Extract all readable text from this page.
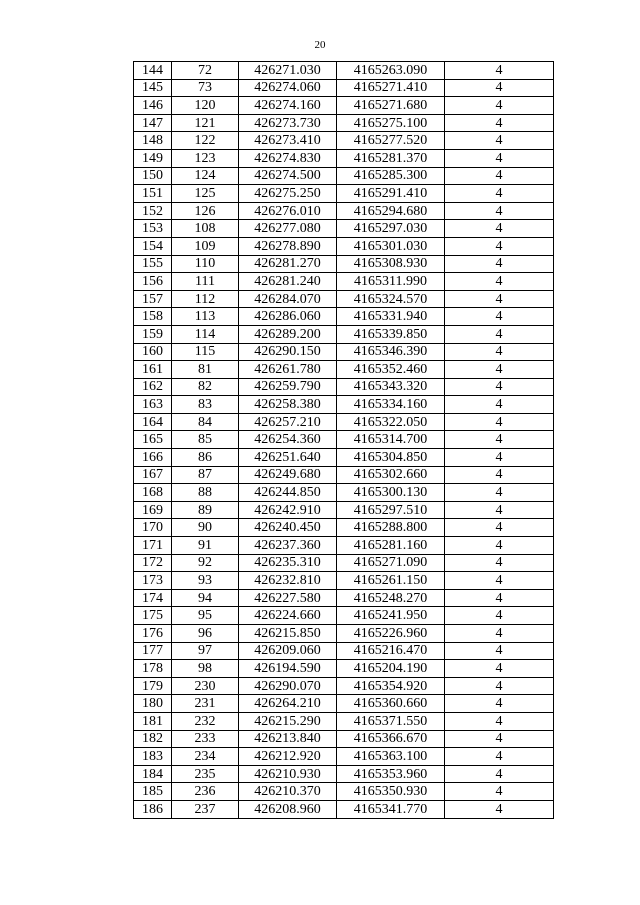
20
144	72	426271.030	4165263.090	4
145	73	426274.060	4165271.410	4
146	120	426274.160	4165271.680	4
147	121	426273.730	4165275.100	4
148	122	426273.410	4165277.520	4
149	123	426274.830	4165281.370	4
150	124	426274.500	4165285.300	4
151	125	426275.250	4165291.410	4
152	126	426276.010	4165294.680	4
153	108	426277.080	4165297.030	4
154	109	426278.890	4165301.030	4
155	110	426281.270	4165308.930	4
156	111	426281.240	4165311.990	4
157	112	426284.070	4165324.570	4
158	113	426286.060	4165331.940	4
159	114	426289.200	4165339.850	4
160	115	426290.150	4165346.390	4
161	81	426261.780	4165352.460	4
162	82	426259.790	4165343.320	4
163	83	426258.380	4165334.160	4
164	84	426257.210	4165322.050	4
165	85	426254.360	4165314.700	4
166	86	426251.640	4165304.850	4
167	87	426249.680	4165302.660	4
168	88	426244.850	4165300.130	4
169	89	426242.910	4165297.510	4
170	90	426240.450	4165288.800	4
171	91	426237.360	4165281.160	4
172	92	426235.310	4165271.090	4
173	93	426232.810	4165261.150	4
174	94	426227.580	4165248.270	4
175	95	426224.660	4165241.950	4
176	96	426215.850	4165226.960	4
177	97	426209.060	4165216.470	4
178	98	426194.590	4165204.190	4
179	230	426290.070	4165354.920	4
180	231	426264.210	4165360.660	4
181	232	426215.290	4165371.550	4
182	233	426213.840	4165366.670	4
183	234	426212.920	4165363.100	4
184	235	426210.930	4165353.960	4
185	236	426210.370	4165350.930	4
186	237	426208.960	4165341.770	4
